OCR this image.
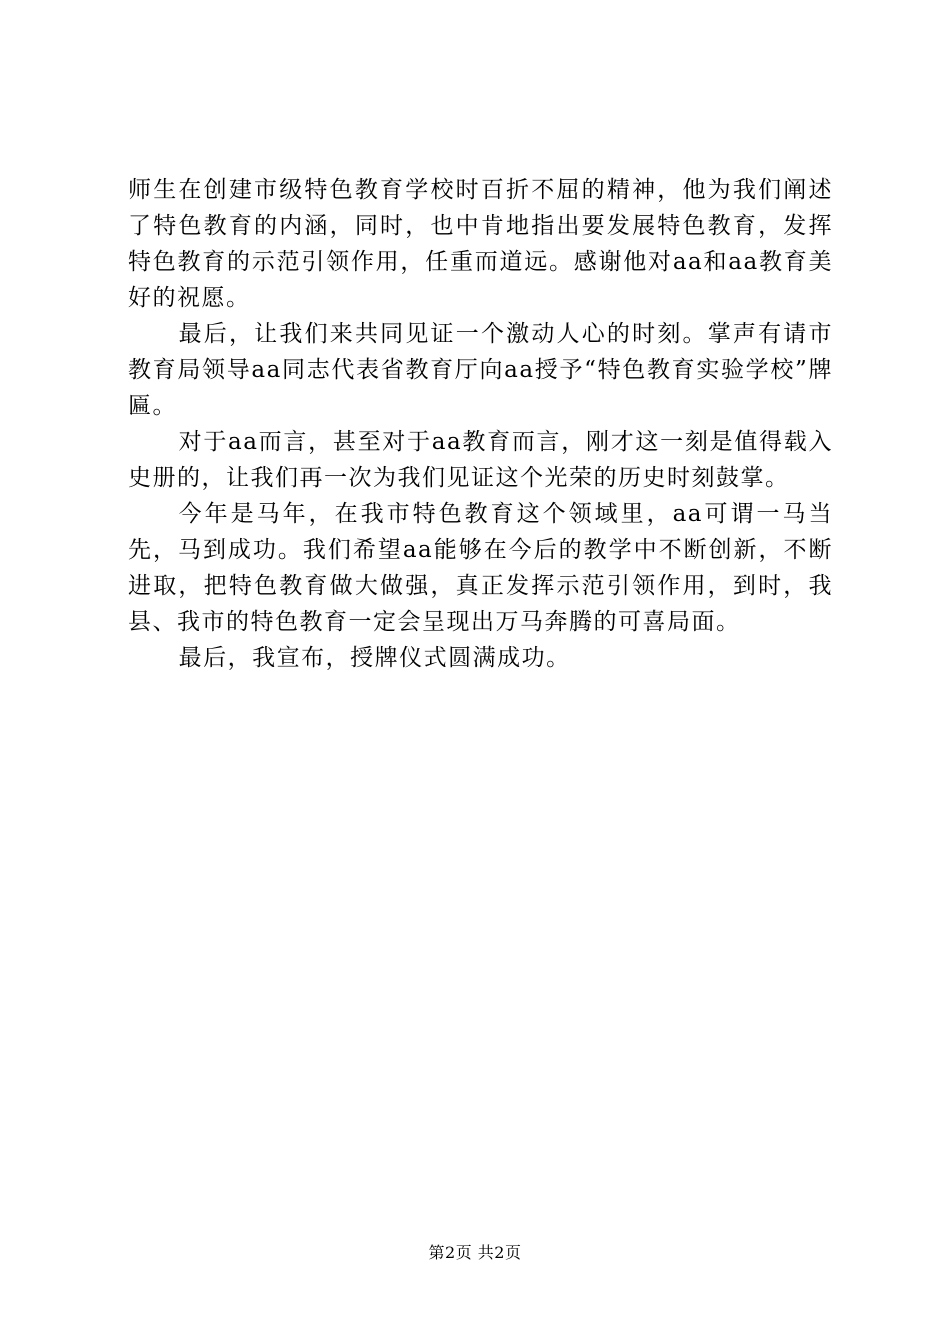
师生在创建市级特色教育学校时百折不屈的精神，他为我们阐述了特色教育的内涵，同时，也中肯地指出要发展特色教育，发挥特色教育的示范引领作用，任重而道远。感谢他对aa和aa教育美好的祝愿。

最后，让我们来共同见证一个激动人心的时刻。掌声有请市教育局领导aa同志代表省教育厅向aa授予“特色教育实验学校”牌匾。

对于aa而言，甚至对于aa教育而言，刚才这一刻是值得载入史册的，让我们再一次为我们见证这个光荣的历史时刻鼓掌。

今年是马年，在我市特色教育这个领域里，aa可谓一马当先，马到成功。我们希望aa能够在今后的教学中不断创新，不断进取，把特色教育做大做强，真正发挥示范引领作用，到时，我县、我市的特色教育一定会呈现出万马奔腾的可喜局面。

最后，我宣布，授牌仪式圆满成功。

第2页 共2页
